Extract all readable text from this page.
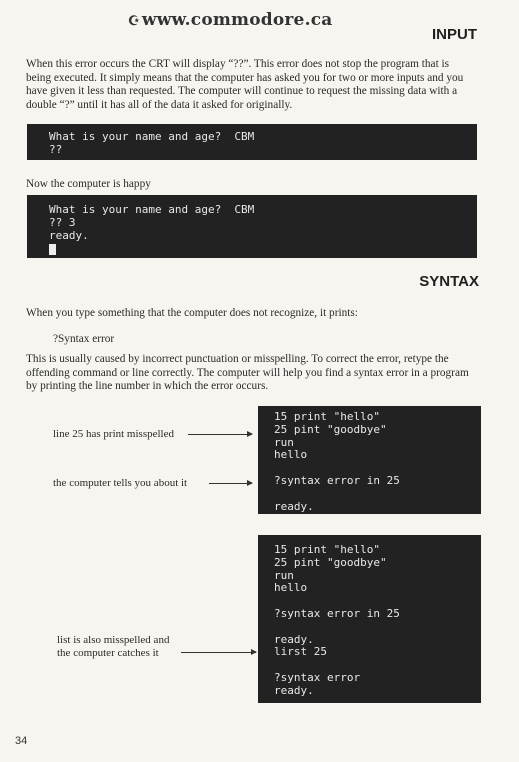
☪ www.commodore.ca
INPUT

When this error occurs the CRT will display “??”. This error does not stop the program that is being executed. It simply means that the computer has asked you for two or more inputs and you have given it less than requested. The computer will continue to request the missing data with a double “?” until it has all of the data it asked for originally.

What is your name and age?  CBM
??
Now the computer is happy
What is your name and age?  CBM
?? 3
ready.
SYNTAX

When you type something that the computer does not recognize, it prints:

?Syntax error

This is usually caused by incorrect punctuation or misspelling. To correct the error, retype the offending command or line correctly. The computer will help you find a syntax error in a program by printing the line number in which the error occurs.

15 print "hello"
25 pint "goodbye"
run
hello

?syntax error in 25

ready.
line 25 has print misspelled
the computer tells you about it
15 print "hello"
25 pint "goodbye"
run
hello

?syntax error in 25

ready.
lirst 25

?syntax error
ready.
list is also misspelled and
the computer catches it
34
